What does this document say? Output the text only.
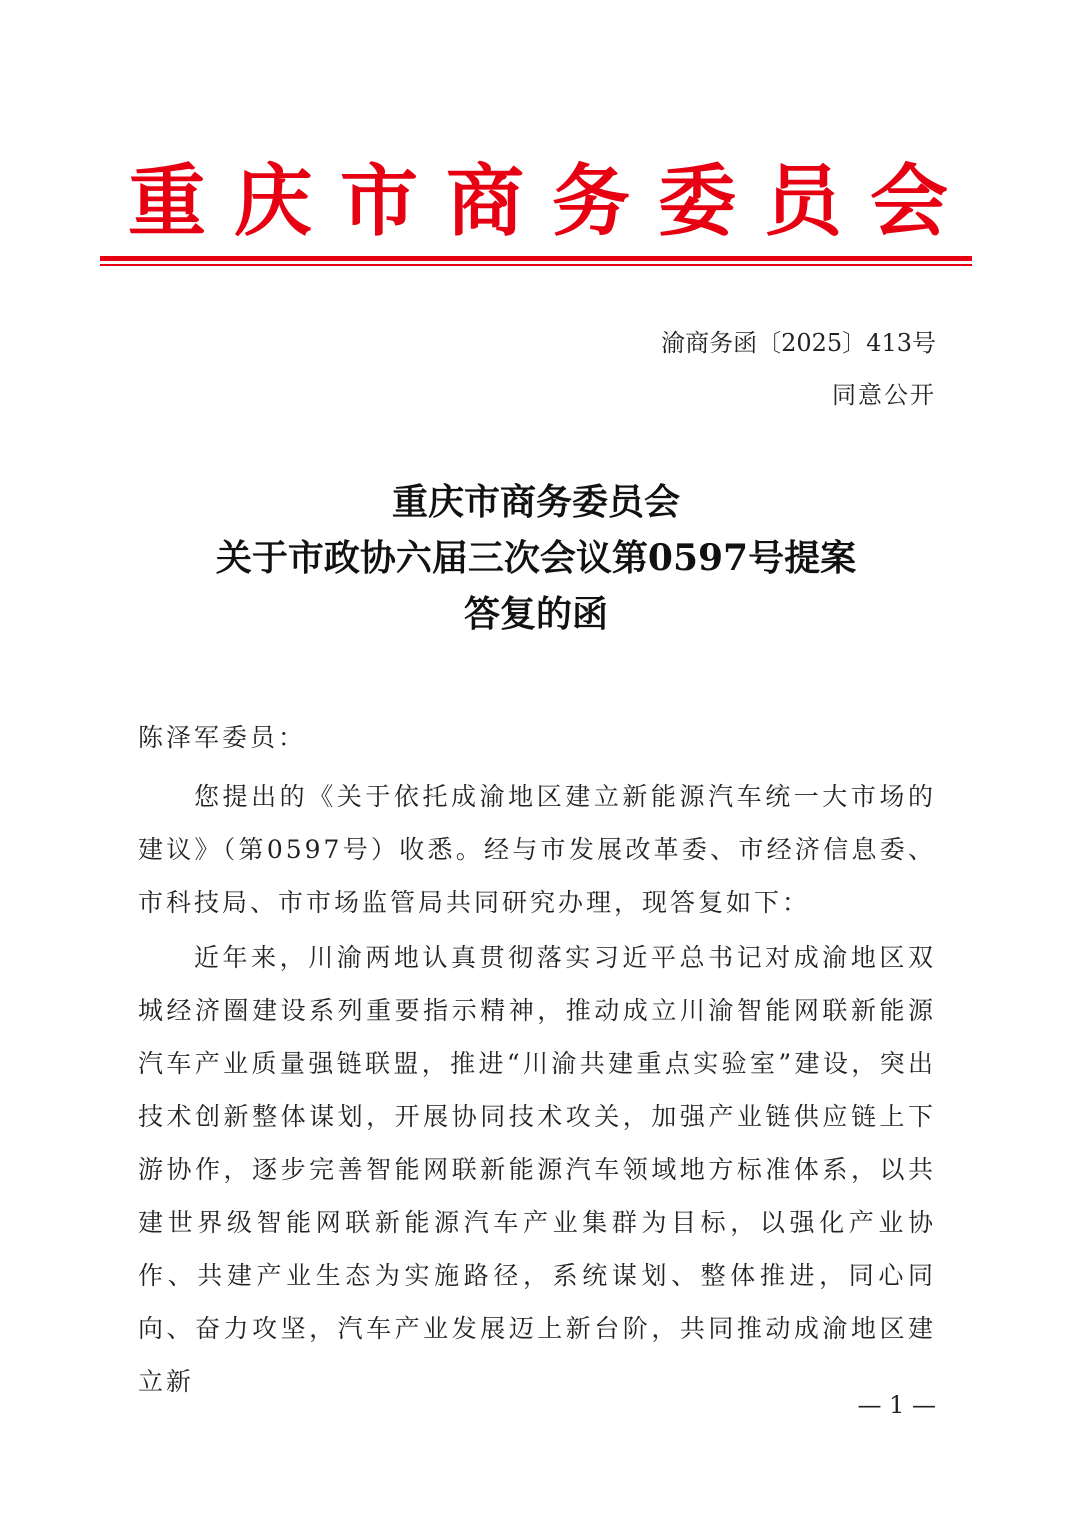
重庆市商务委员会
渝商务函〔2025〕413号
同意公开
重庆市商务委员会
关于市政协六届三次会议第0597号提案
答复的函
陈泽军委员：

您提出的《关于依托成渝地区建立新能源汽车统一大市场的建议》（第0597号）收悉。经与市发展改革委、市经济信息委、市科技局、市市场监管局共同研究办理，现答复如下：

近年来，川渝两地认真贯彻落实习近平总书记对成渝地区双城经济圈建设系列重要指示精神，推动成立川渝智能网联新能源汽车产业质量强链联盟，推进“川渝共建重点实验室”建设，突出技术创新整体谋划，开展协同技术攻关，加强产业链供应链上下游协作，逐步完善智能网联新能源汽车领域地方标准体系，以共建世界级智能网联新能源汽车产业集群为目标，以强化产业协作、共建产业生态为实施路径，系统谋划、整体推进，同心同向、奋力攻坚，汽车产业发展迈上新台阶，共同推动成渝地区建立新

— 1 —
